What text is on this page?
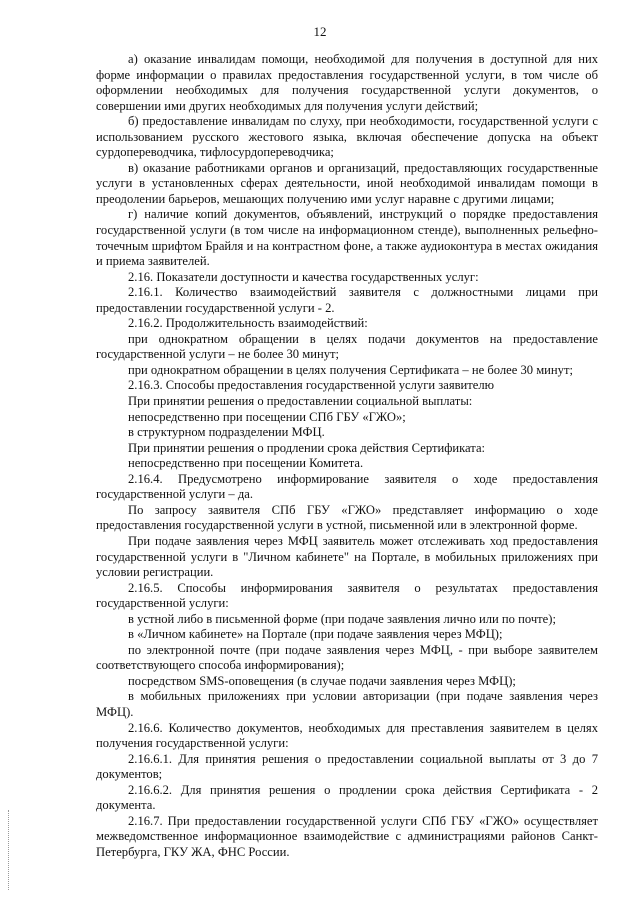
12

а) оказание инвалидам помощи, необходимой для получения в доступной для них форме информации о правилах предоставления государственной услуги, в том числе об оформлении необходимых для получения государственной услуги документов, о совершении ими других необходимых для получения услуги действий;

б) предоставление инвалидам по слуху, при необходимости, государственной услуги с использованием русского жестового языка, включая обеспечение допуска на объект сурдопереводчика, тифлосурдопереводчика;

в) оказание работниками органов и организаций, предоставляющих государственные услуги в установленных сферах деятельности, иной необходимой инвалидам помощи в преодолении барьеров, мешающих получению ими услуг наравне с другими лицами;

г) наличие копий документов, объявлений, инструкций о порядке предоставления государственной услуги (в том числе на информационном стенде), выполненных рельефно-точечным шрифтом Брайля и на контрастном фоне, а также аудиоконтура в местах ожидания и приема заявителей.

2.16. Показатели доступности и качества государственных услуг:

2.16.1. Количество взаимодействий заявителя с должностными лицами при предоставлении государственной услуги - 2.

2.16.2. Продолжительность взаимодействий:

при однократном обращении в целях подачи документов на предоставление государственной услуги – не более 30 минут;

при однократном обращении в целях получения Сертификата – не более 30 минут;

2.16.3. Способы предоставления государственной услуги заявителю

При принятии решения о предоставлении социальной выплаты:

непосредственно при посещении СПб ГБУ «ГЖО»;

в структурном подразделении МФЦ.

При принятии решения о продлении срока действия Сертификата:

непосредственно при посещении Комитета.

2.16.4. Предусмотрено информирование заявителя о ходе предоставления государственной услуги – да.

По запросу заявителя СПб ГБУ «ГЖО» представляет информацию о ходе предоставления государственной услуги в устной, письменной или в электронной форме.

При подаче заявления через МФЦ заявитель может отслеживать ход предоставления государственной услуги в "Личном кабинете" на Портале, в мобильных приложениях при условии регистрации.

2.16.5. Способы информирования заявителя о результатах предоставления государственной услуги:

в устной либо в письменной форме (при подаче заявления лично или по почте);

в «Личном кабинете» на Портале (при подаче заявления через МФЦ);

по электронной почте (при подаче заявления через МФЦ, - при выборе заявителем соответствующего способа информирования);

посредством SMS-оповещения (в случае подачи заявления через МФЦ);

в мобильных приложениях при условии авторизации (при подаче заявления через МФЦ).

2.16.6. Количество документов, необходимых для преставления заявителем в целях получения государственной услуги:

2.16.6.1. Для принятия решения о предоставлении социальной выплаты от 3 до 7 документов;

2.16.6.2. Для принятия решения о продлении срока действия Сертификата - 2 документа.

2.16.7. При предоставлении государственной услуги СПб ГБУ «ГЖО» осуществляет межведомственное информационное взаимодействие с администрациями районов Санкт-Петербурга, ГКУ ЖА, ФНС России.
